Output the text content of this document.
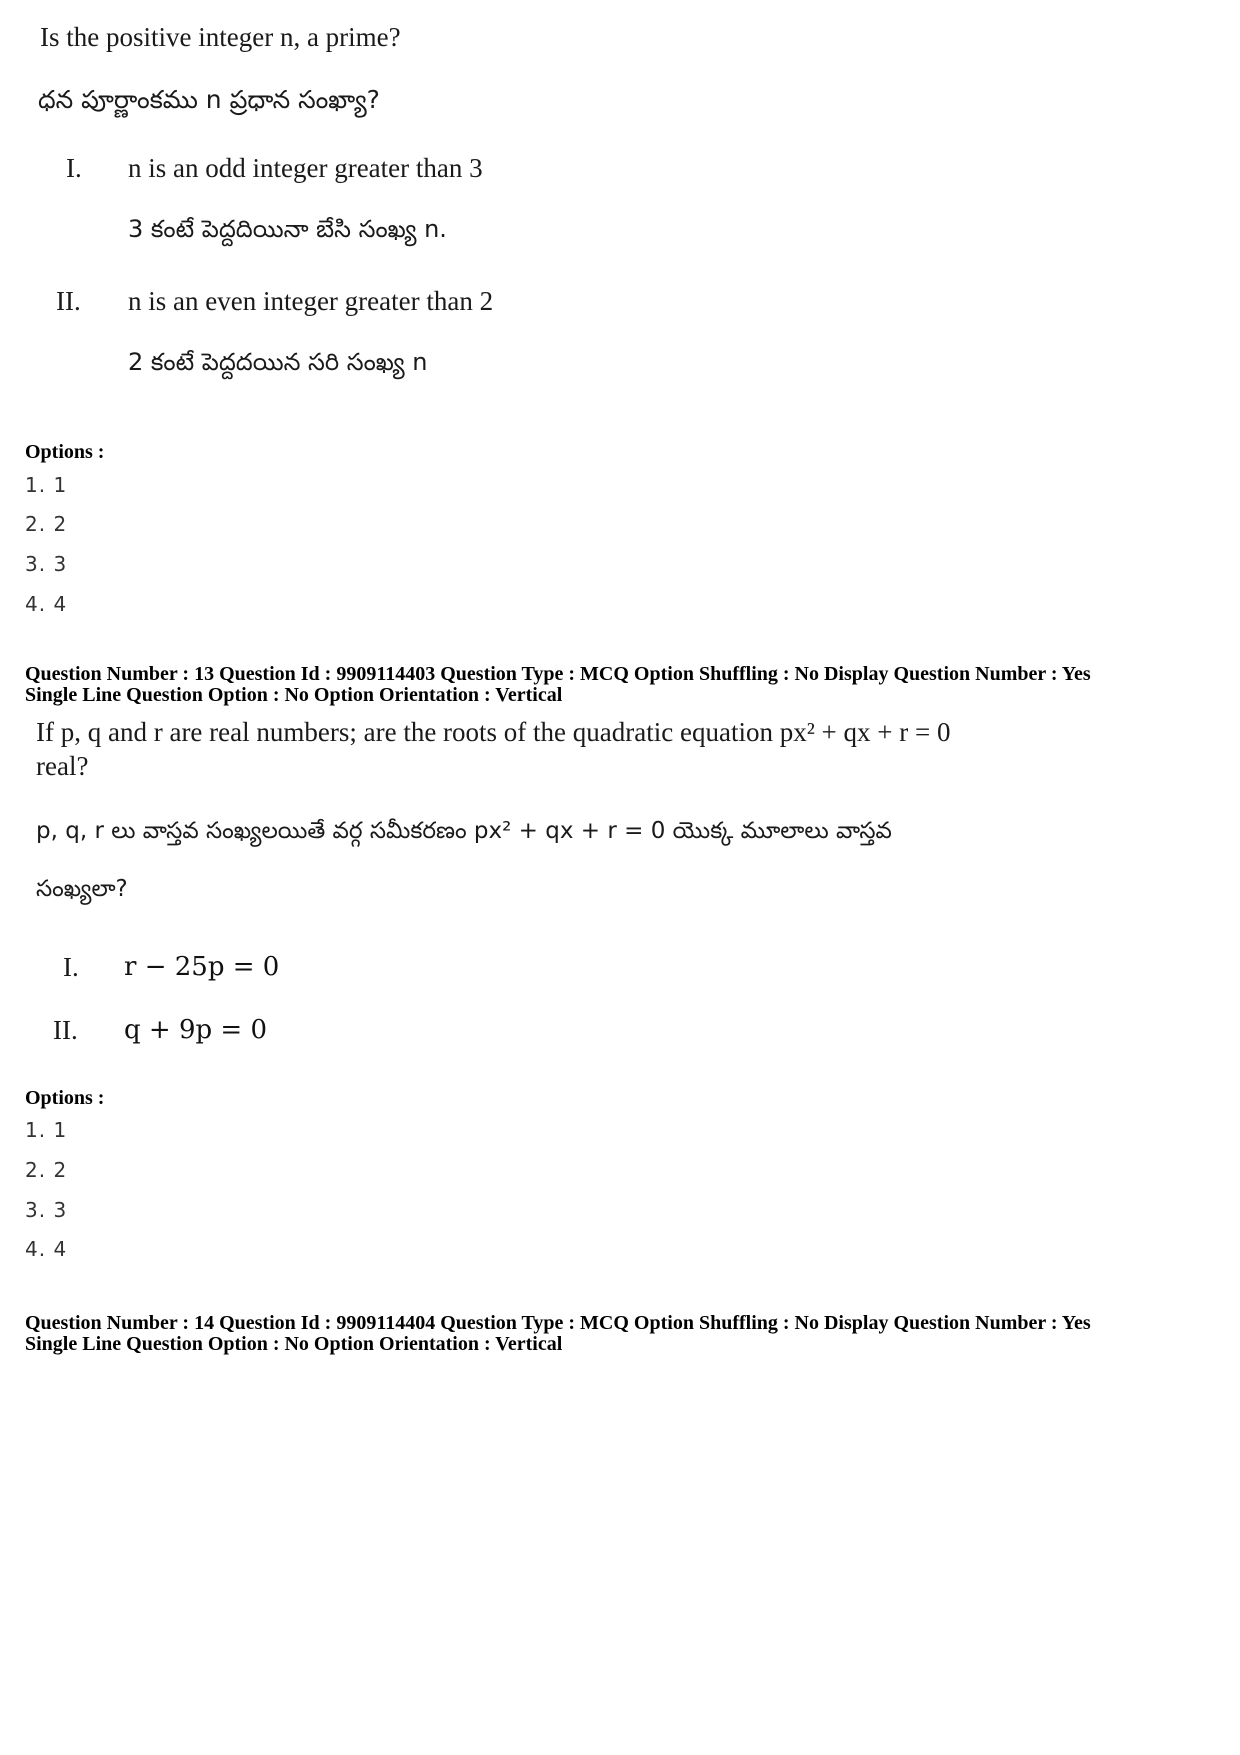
Is the positive integer n, a prime?
ధన పూర్ణాంకము n ప్రధాన సంఖ్యా?
I. n is an odd integer greater than 3
3 కంటే పెద్దదియినా బేసి సంఖ్య n.
II. n is an even integer greater than 2
2 కంటే పెద్దదయిన సరి సంఖ్య n
Options :
1. 1
2. 2
3. 3
4. 4
Question Number : 13 Question Id : 9909114403 Question Type : MCQ Option Shuffling : No Display Question Number : Yes
Single Line Question Option : No Option Orientation : Vertical
If p, q and r are real numbers; are the roots of the quadratic equation px² + qx + r = 0
real?
p, q, r లు వాస్తవ సంఖ్యలయితే వర్గ సమీకరణం px² + qx + r = 0 యొక్క మూలాలు వాస్తవ
సంఖ్యలా?
I. r − 25p = 0
II. q + 9p = 0
Options :
1. 1
2. 2
3. 3
4. 4
Question Number : 14 Question Id : 9909114404 Question Type : MCQ Option Shuffling : No Display Question Number : Yes
Single Line Question Option : No Option Orientation : Vertical
